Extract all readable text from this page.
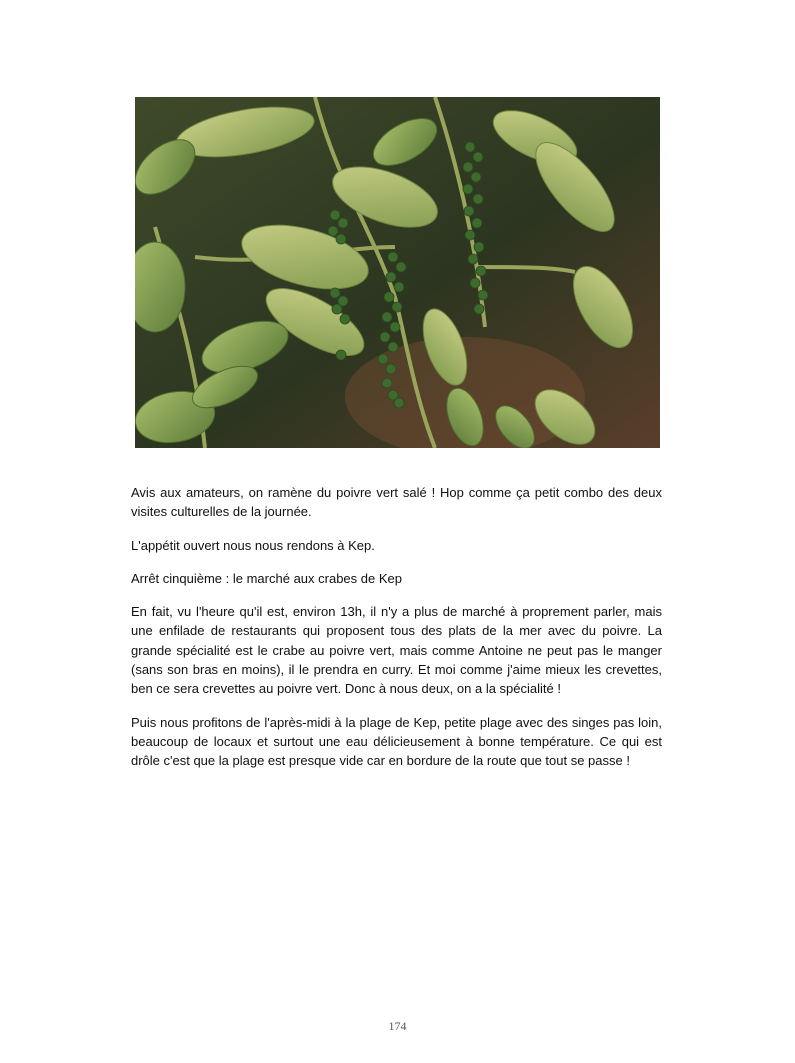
Avis aux amateurs, on ramène du poivre vert salé ! Hop comme ça petit combo des deux visites culturelles de la journée.

L'appétit ouvert nous nous rendons à Kep.

Arrêt cinquième : le marché aux crabes de Kep

En fait, vu l'heure qu'il est, environ 13h, il n'y a plus de marché à proprement parler, mais une enfilade de restaurants qui proposent tous des plats de la mer avec du poivre. La grande spécialité est le crabe au poivre vert, mais comme Antoine ne peut pas le manger (sans son bras en moins), il le prendra en curry. Et moi comme j'aime mieux les crevettes, ben ce sera crevettes au poivre vert. Donc à nous deux, on a la spécialité !

Puis nous profitons de l'après-midi à la plage de Kep, petite plage avec des singes pas loin, beaucoup de locaux et surtout une eau délicieusement à bonne température. Ce qui est drôle c'est que la plage est presque vide car en bordure de la route que tout se passe !

174
